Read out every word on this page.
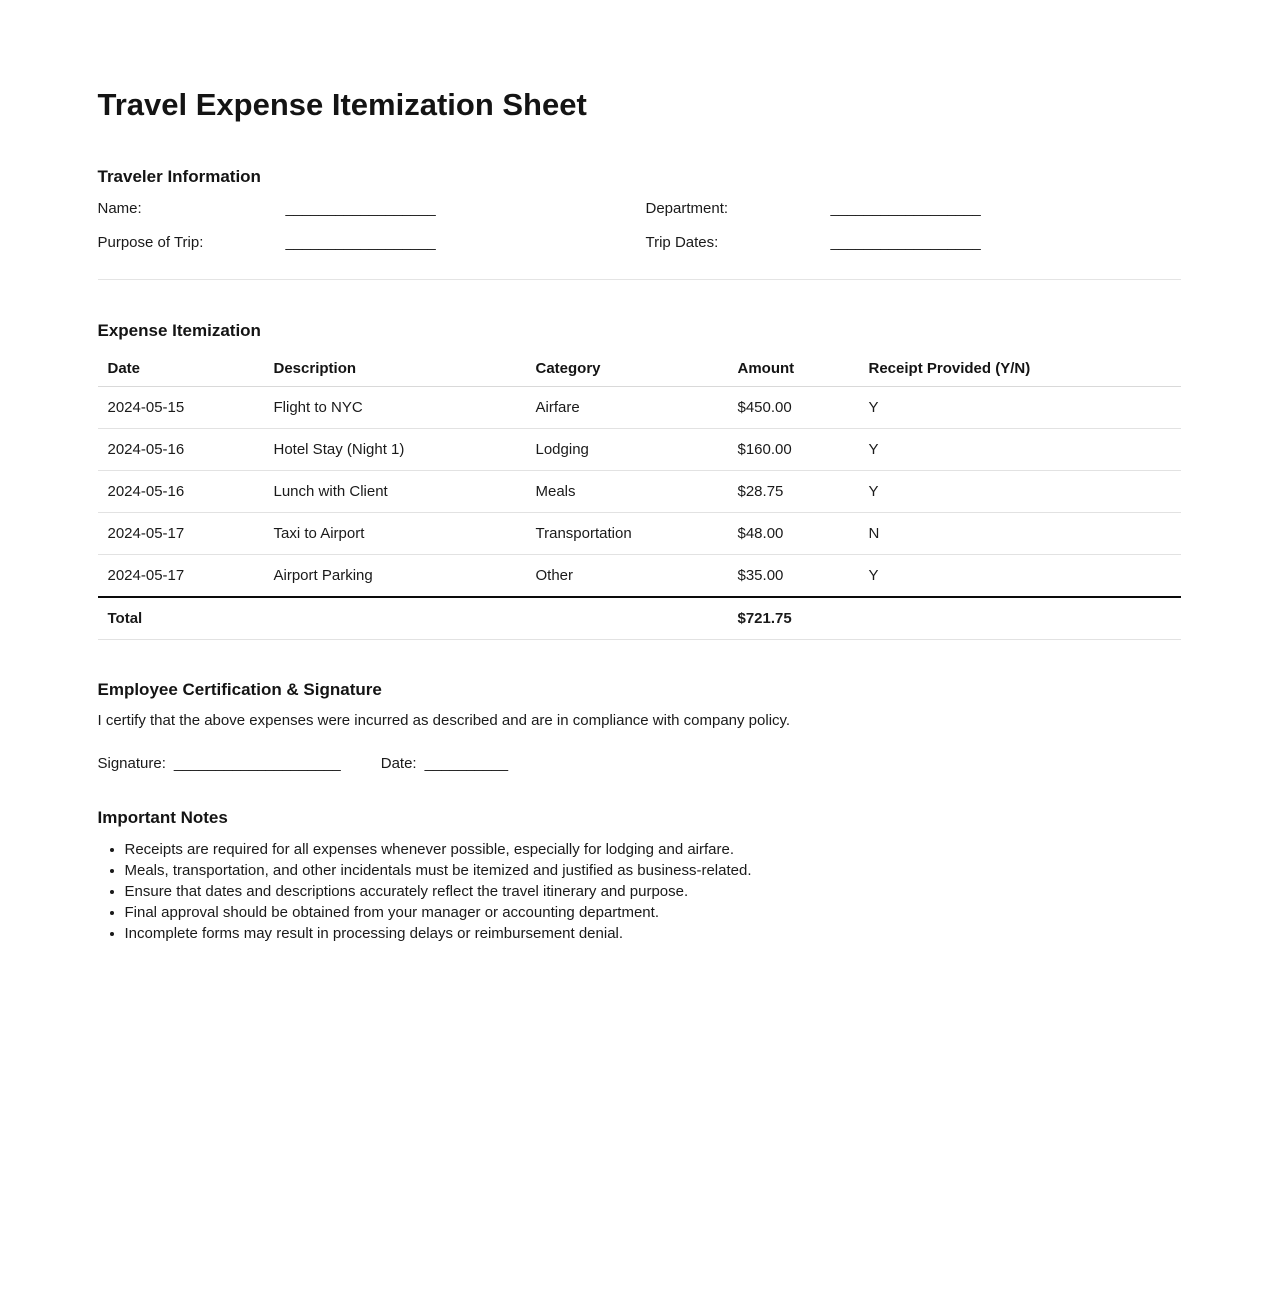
Travel Expense Itemization Sheet
Traveler Information
Name:	__________________	Department:	__________________
Purpose of Trip:	__________________	Trip Dates:	__________________
Expense Itemization
Date	Description	Category	Amount	Receipt Provided (Y/N)
2024-05-15	Flight to NYC	Airfare	$450.00	Y
2024-05-16	Hotel Stay (Night 1)	Lodging	$160.00	Y
2024-05-16	Lunch with Client	Meals	$28.75	Y
2024-05-17	Taxi to Airport	Transportation	$48.00	N
2024-05-17	Airport Parking	Other	$35.00	Y
Total			$721.75	
Employee Certification & Signature

I certify that the above expenses were incurred as described and are in compliance with company policy.

Signature: ____________________	Date: __________
Important Notes
• Receipts are required for all expenses whenever possible, especially for lodging and airfare.
• Meals, transportation, and other incidentals must be itemized and justified as business-related.
• Ensure that dates and descriptions accurately reflect the travel itinerary and purpose.
• Final approval should be obtained from your manager or accounting department.
• Incomplete forms may result in processing delays or reimbursement denial.
